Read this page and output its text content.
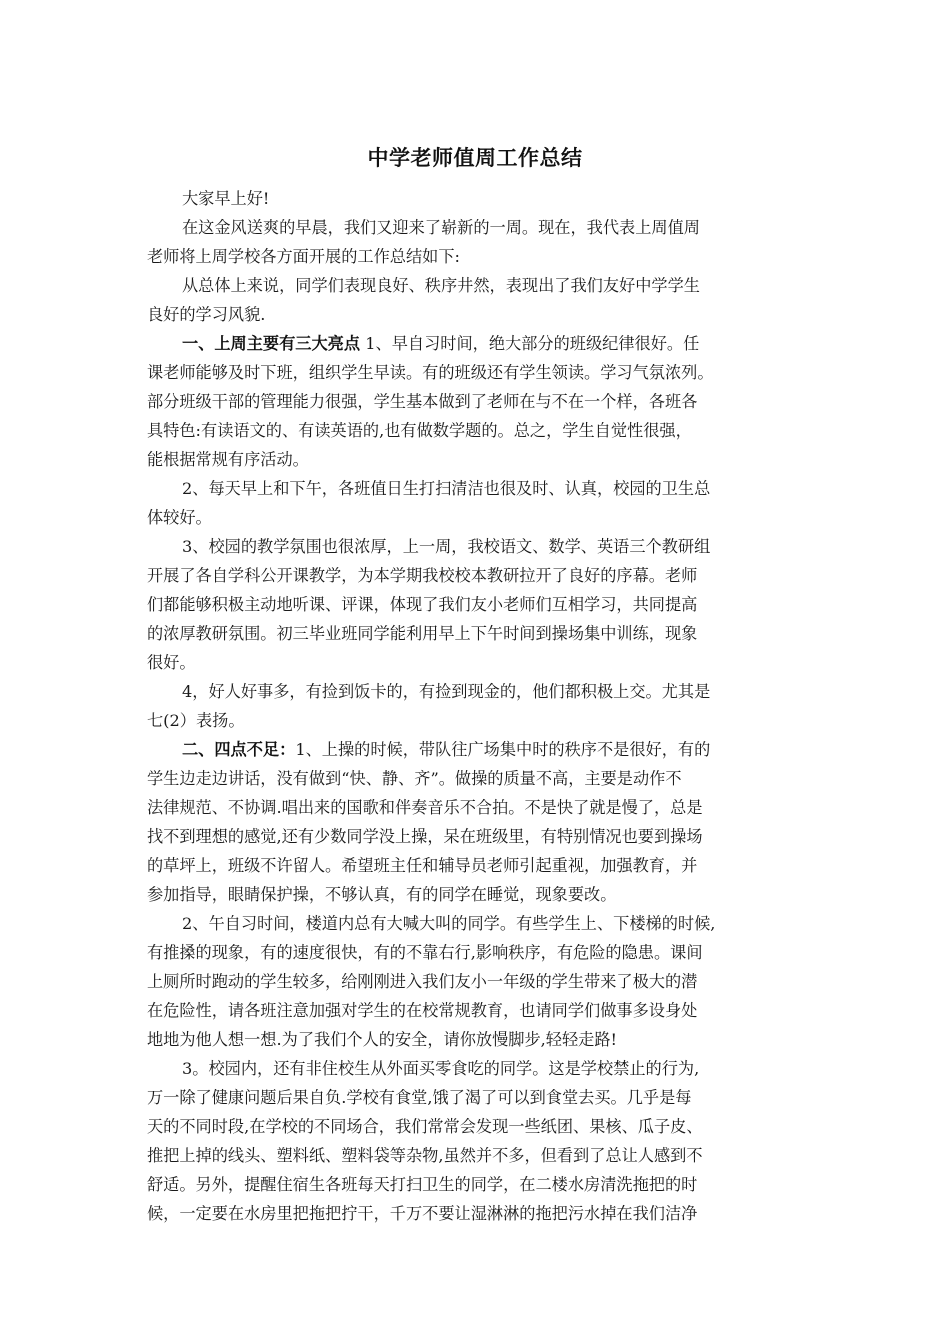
中学老师值周工作总结
大家早上好!
在这金风送爽的早晨，我们又迎来了崭新的一周。现在，我代表上周值周
老师将上周学校各方面开展的工作总结如下:
从总体上来说，同学们表现良好、秩序井然，表现出了我们友好中学学生
良好的学习风貌.
一、上周主要有三大亮点 1、早自习时间，绝大部分的班级纪律很好。任
课老师能够及时下班，组织学生早读。有的班级还有学生领读。学习气氛浓列。
部分班级干部的管理能力很强，学生基本做到了老师在与不在一个样，各班各
具特色:有读语文的、有读英语的,也有做数学题的。总之，学生自觉性很强，
能根据常规有序活动。
2、每天早上和下午，各班值日生打扫清洁也很及时、认真，校园的卫生总
体较好。
3、校园的教学氛围也很浓厚，上一周，我校语文、数学、英语三个教研组
开展了各自学科公开课教学，为本学期我校校本教研拉开了良好的序幕。老师
们都能够积极主动地听课、评课，体现了我们友小老师们互相学习，共同提高
的浓厚教研氛围。初三毕业班同学能利用早上下午时间到操场集中训练，现象
很好。
4，好人好事多，有捡到饭卡的，有捡到现金的，他们都积极上交。尤其是
七(2）表扬。
二、四点不足：1、上操的时候，带队往广场集中时的秩序不是很好，有的
学生边走边讲话，没有做到“快、静、齐”。做操的质量不高，主要是动作不
法律规范、不协调.唱出来的国歌和伴奏音乐不合拍。不是快了就是慢了，总是
找不到理想的感觉,还有少数同学没上操，呆在班级里，有特别情况也要到操场
的草坪上，班级不许留人。希望班主任和辅导员老师引起重视，加强教育，并
参加指导，眼睛保护操，不够认真，有的同学在睡觉，现象要改。
2、午自习时间，楼道内总有大喊大叫的同学。有些学生上、下楼梯的时候,
有推搡的现象，有的速度很快，有的不靠右行,影响秩序，有危险的隐患。课间
上厕所时跑动的学生较多，给刚刚进入我们友小一年级的学生带来了极大的潜
在危险性，请各班注意加强对学生的在校常规教育，也请同学们做事多设身处
地地为他人想一想.为了我们个人的安全，请你放慢脚步,轻轻走路!
3。校园内，还有非住校生从外面买零食吃的同学。这是学校禁止的行为,
万一除了健康问题后果自负.学校有食堂,饿了渴了可以到食堂去买。几乎是每
天的不同时段,在学校的不同场合，我们常常会发现一些纸团、果核、瓜子皮、
推把上掉的线头、塑料纸、塑料袋等杂物,虽然并不多，但看到了总让人感到不
舒适。另外，提醒住宿生各班每天打扫卫生的同学，在二楼水房清洗拖把的时
候，一定要在水房里把拖把拧干，千万不要让湿淋淋的拖把污水掉在我们洁净
